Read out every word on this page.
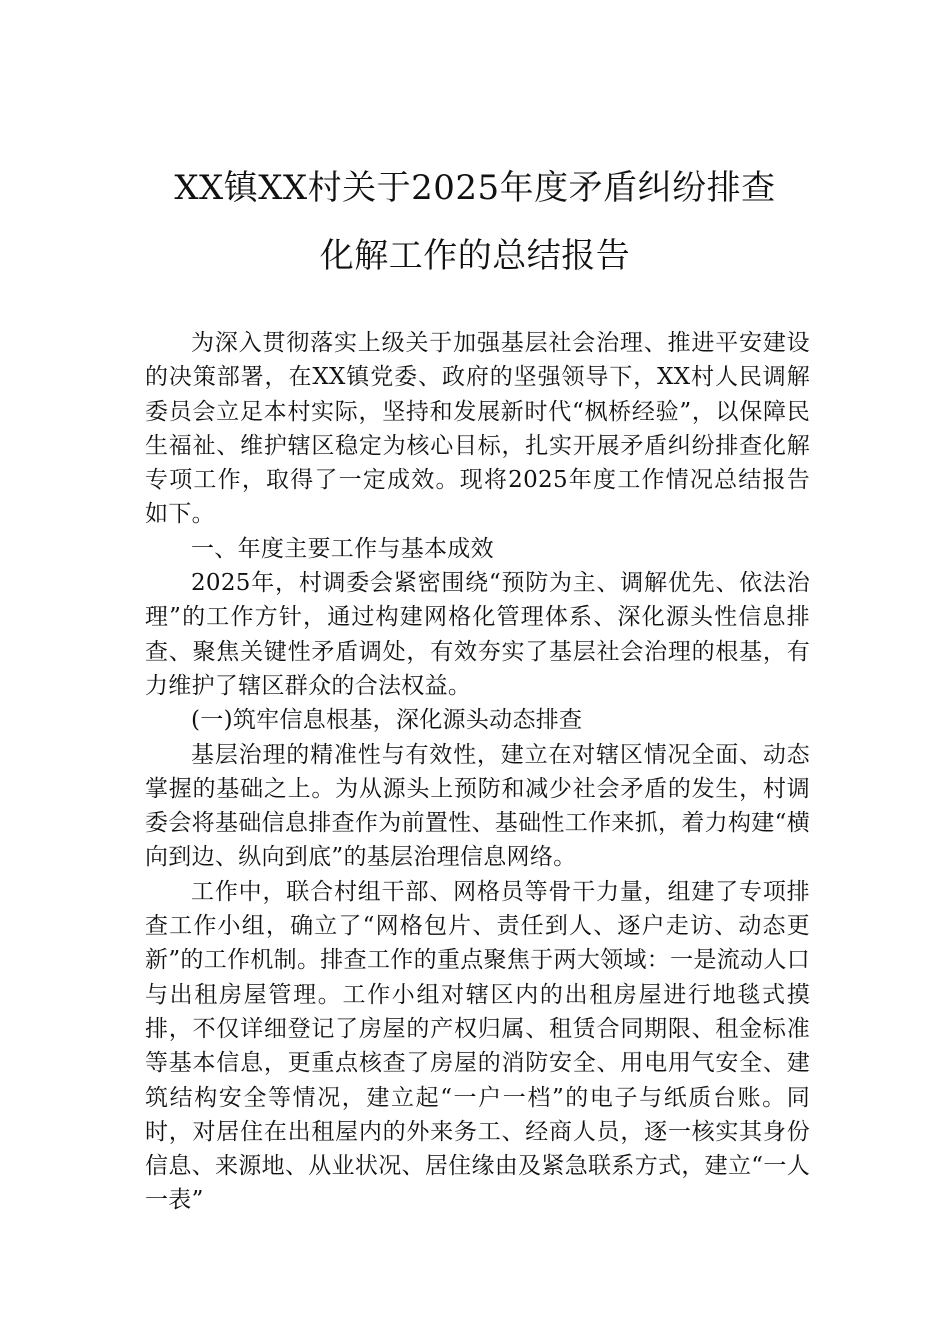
XX镇XX村关于2025年度矛盾纠纷排查
化解工作的总结报告

为深入贯彻落实上级关于加强基层社会治理、推进平安建设的决策部署，在XX镇党委、政府的坚强领导下，XX村人民调解委员会立足本村实际，坚持和发展新时代“枫桥经验”，以保障民生福祉、维护辖区稳定为核心目标，扎实开展矛盾纠纷排查化解专项工作，取得了一定成效。现将2025年度工作情况总结报告如下。

一、年度主要工作与基本成效

2025年，村调委会紧密围绕“预防为主、调解优先、依法治理”的工作方针，通过构建网格化管理体系、深化源头性信息排查、聚焦关键性矛盾调处，有效夯实了基层社会治理的根基，有力维护了辖区群众的合法权益。

(一)筑牢信息根基，深化源头动态排查

基层治理的精准性与有效性，建立在对辖区情况全面、动态掌握的基础之上。为从源头上预防和减少社会矛盾的发生，村调委会将基础信息排查作为前置性、基础性工作来抓，着力构建“横向到边、纵向到底”的基层治理信息网络。

工作中，联合村组干部、网格员等骨干力量，组建了专项排查工作小组，确立了“网格包片、责任到人、逐户走访、动态更新”的工作机制。排查工作的重点聚焦于两大领域：一是流动人口与出租房屋管理。工作小组对辖区内的出租房屋进行地毯式摸排，不仅详细登记了房屋的产权归属、租赁合同期限、租金标准等基本信息，更重点核查了房屋的消防安全、用电用气安全、建筑结构安全等情况，建立起“一户一档”的电子与纸质台账。同时，对居住在出租屋内的外来务工、经商人员，逐一核实其身份信息、来源地、从业状况、居住缘由及紧急联系方式，建立“一人一表”
